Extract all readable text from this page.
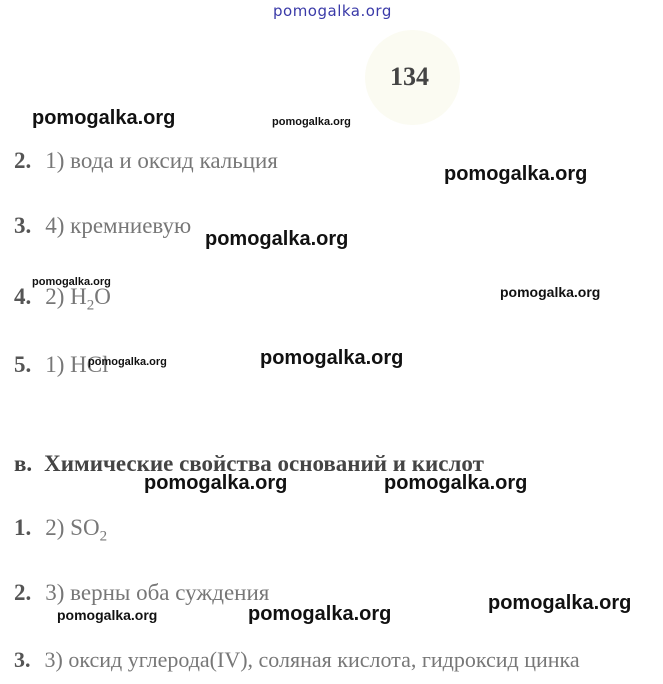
pomogalka.org
134
2. 1) вода и оксид кальция
3. 4) кремниевую
4. 2) $H_2O$
5. 1) HCl
в. Химические свойства оснований и кислот
1. 2) $SO_2$
2. 3) верны оба суждения
3. 3) оксид углерода(IV), соляная кислота, гидроксид цинка
pomogalka.org	pomogalka.org
pomogalka.org
pomogalka.org
pomogalka.org
pomogalka.org
pomogalka.org
pomogalka.org
pomogalka.org	pomogalka.org
pomogalka.org
pomogalka.org	pomogalka.org
